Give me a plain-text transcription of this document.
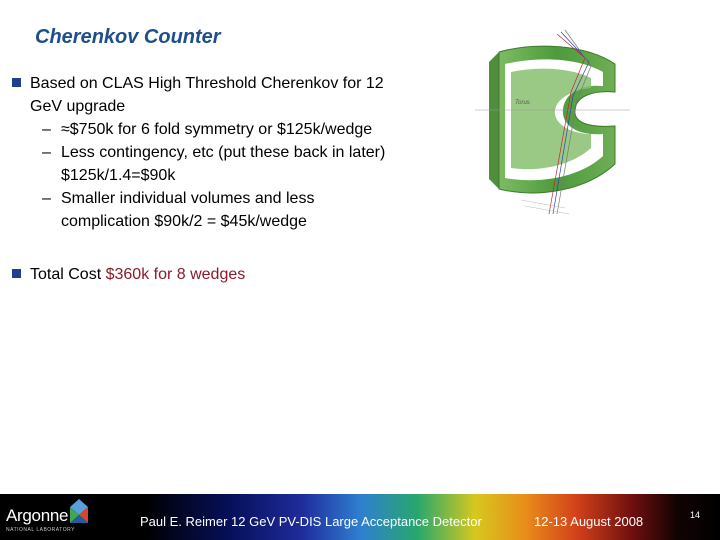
Cherenkov Counter
Based on CLAS High Threshold Cherenkov for 12 GeV upgrade
– ≈$750k for 6 fold symmetry or $125k/wedge
– Less contingency, etc (put these back in later) $125k/1.4=$90k
– Smaller individual volumes and less complication $90k/2 = $45k/wedge
Total Cost $360k for 8 wedges
Torus
Argonne
NATIONAL LABORATORY
Paul E. Reimer 12 GeV PV-DIS Large Acceptance Detector	12-13 August 2008	14
